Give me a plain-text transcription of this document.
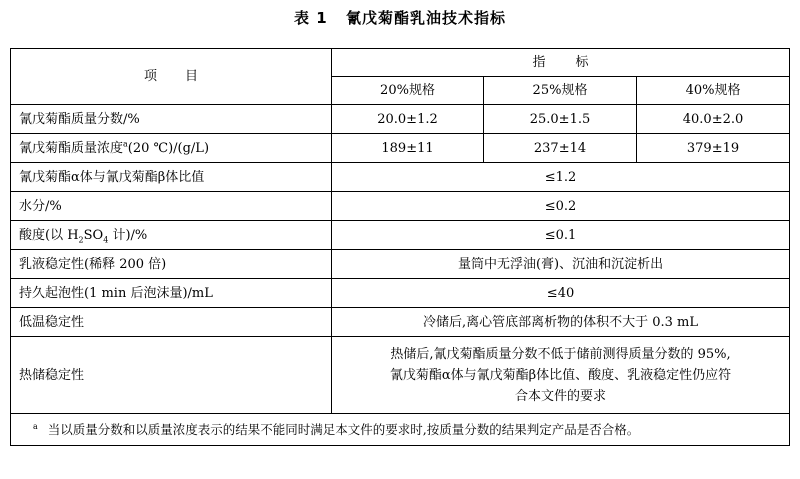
表 1 氰戊菊酯乳油技术指标
项 目	指 标		
	20%规格	25%规格	40%规格
氰戊菊酯质量分数/%	20.0±1.2	25.0±1.5	40.0±2.0
氰戊菊酯质量浓度$^a$(20 ℃)/(g/L)	189±11	237±14	379±19
氰戊菊酯α体与氰戊菊酯β体比值	≤1.2		
水分/%	≤0.2		
酸度(以 $H_2SO_4$ 计)/%	≤0.1		
乳液稳定性(稀释 200 倍)	量筒中无浮油(膏)、沉油和沉淀析出		
持久起泡性(1 min 后泡沫量)/mL	≤40		
低温稳定性	冷储后,离心管底部离析物的体积不大于 0.3 mL		
热储稳定性	热储后,氰戊菊酯质量分数不低于储前测得质量分数的 95%,
氰戊菊酯α体与氰戊菊酯β体比值、酸度、乳液稳定性仍应符
合本文件的要求		

$^a$ 当以质量分数和以质量浓度表示的结果不能同时满足本文件的要求时,按质量分数的结果判定产品是否合格。			
